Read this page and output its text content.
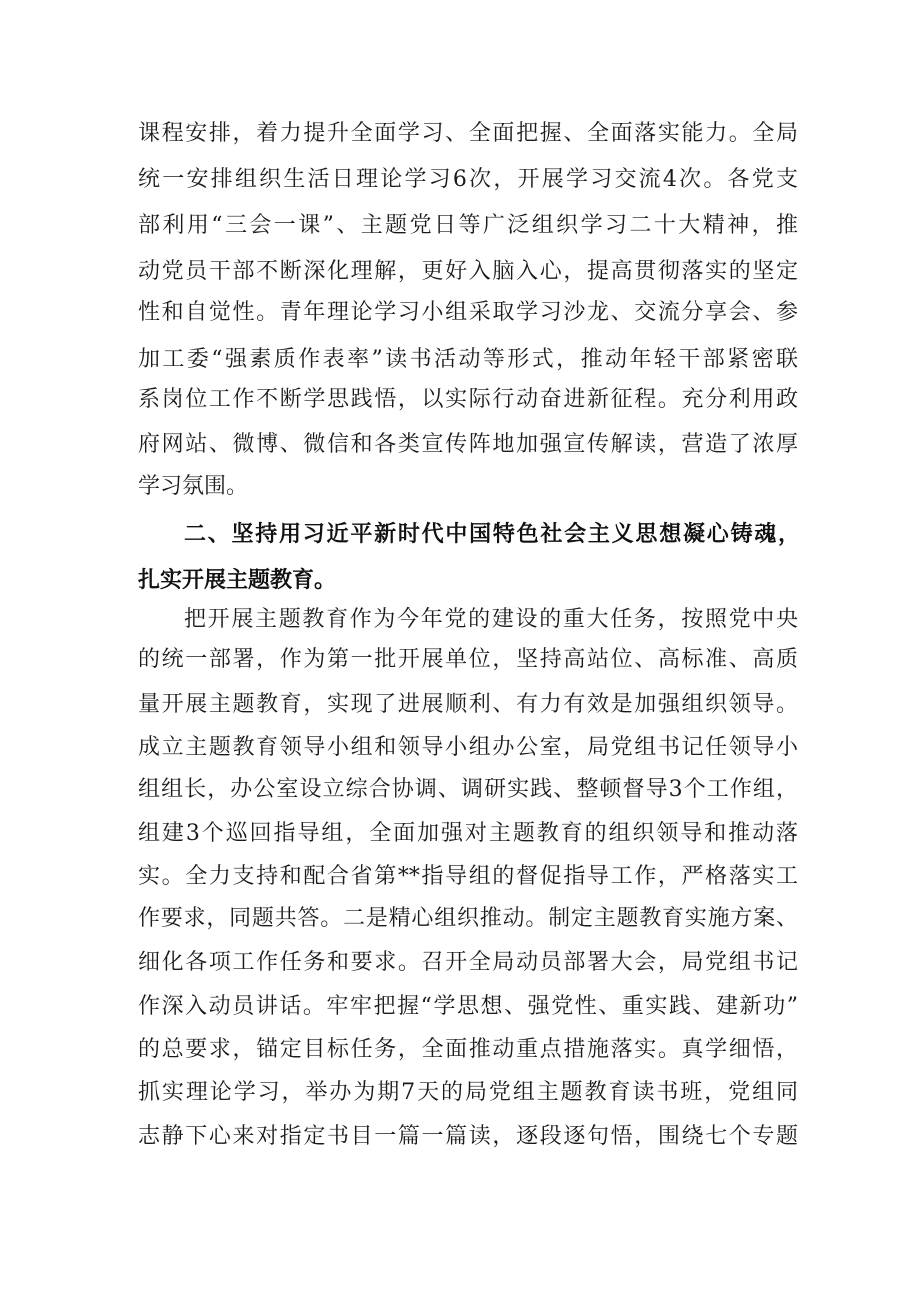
课程安排，着力提升全面学习、全面把握、全面落实能力。全局

统一安排组织生活日理论学习6次，开展学习交流4次。各党支

部利用“三会一课”、主题党日等广泛组织学习二十大精神，推

动党员干部不断深化理解，更好入脑入心，提高贯彻落实的坚定

性和自觉性。青年理论学习小组采取学习沙龙、交流分享会、参

加工委“强素质作表率”读书活动等形式，推动年轻干部紧密联

系岗位工作不断学思践悟，以实际行动奋进新征程。充分利用政

府网站、微博、微信和各类宣传阵地加强宣传解读，营造了浓厚

学习氛围。

二、坚持用习近平新时代中国特色社会主义思想凝心铸魂，

扎实开展主题教育。

把开展主题教育作为今年党的建设的重大任务，按照党中央

的统一部署，作为第一批开展单位，坚持高站位、高标准、高质

量开展主题教育，实现了进展顺利、有力有效是加强组织领导。

成立主题教育领导小组和领导小组办公室，局党组书记任领导小

组组长，办公室设立综合协调、调研实践、整顿督导3个工作组，

组建3个巡回指导组，全面加强对主题教育的组织领导和推动落

实。全力支持和配合省第**指导组的督促指导工作，严格落实工

作要求，同题共答。二是精心组织推动。制定主题教育实施方案、

细化各项工作任务和要求。召开全局动员部署大会，局党组书记

作深入动员讲话。牢牢把握“学思想、强党性、重实践、建新功”

的总要求，锚定目标任务，全面推动重点措施落实。真学细悟，

抓实理论学习，举办为期7天的局党组主题教育读书班，党组同

志静下心来对指定书目一篇一篇读，逐段逐句悟，围绕七个专题
